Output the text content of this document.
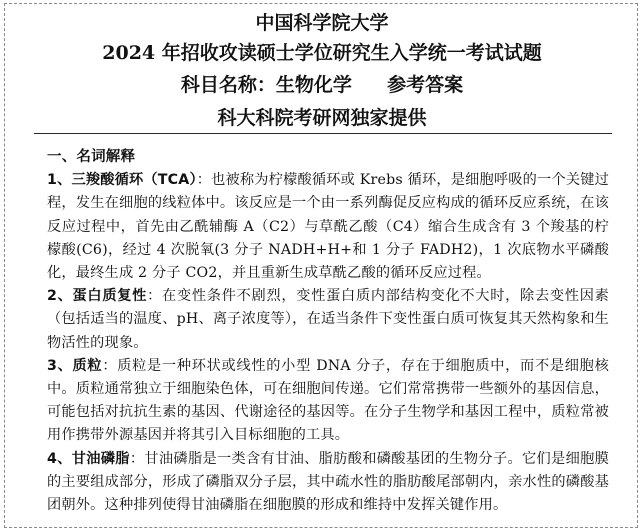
中国科学院大学
2024 年招收攻读硕士学位研究生入学统一考试试题
科目名称：生物化学 参考答案
科大科院考研网独家提供
一、名词解释

1、三羧酸循环（TCA）：也被称为柠檬酸循环或 Krebs 循环，是细胞呼吸的一个关键过程，发生在细胞的线粒体中。该反应是一个由一系列酶促反应构成的循环反应系统，在该反应过程中，首先由乙酰辅酶 A（C2）与草酰乙酸（C4）缩合生成含有 3 个羧基的柠檬酸(C6)，经过 4 次脱氧(3 分子 NADH+H+和 1 分子 FADH2)，1 次底物水平磷酸化，最终生成 2 分子 CO2，并且重新生成草酰乙酸的循环反应过程。

2、蛋白质复性：在变性条件不剧烈，变性蛋白质内部结构变化不大时，除去变性因素（包括适当的温度、pH、离子浓度等），在适当条件下变性蛋白质可恢复其天然构象和生物活性的现象。

3、质粒：质粒是一种环状或线性的小型 DNA 分子，存在于细胞质中，而不是细胞核中。质粒通常独立于细胞染色体，可在细胞间传递。它们常常携带一些额外的基因信息，可能包括对抗抗生素的基因、代谢途径的基因等。在分子生物学和基因工程中，质粒常被用作携带外源基因并将其引入目标细胞的工具。

4、甘油磷脂：甘油磷脂是一类含有甘油、脂肪酸和磷酸基团的生物分子。它们是细胞膜的主要组成部分，形成了磷脂双分子层，其中疏水性的脂肪酸尾部朝内，亲水性的磷酸基团朝外。这种排列使得甘油磷脂在细胞膜的形成和维持中发挥关键作用。
